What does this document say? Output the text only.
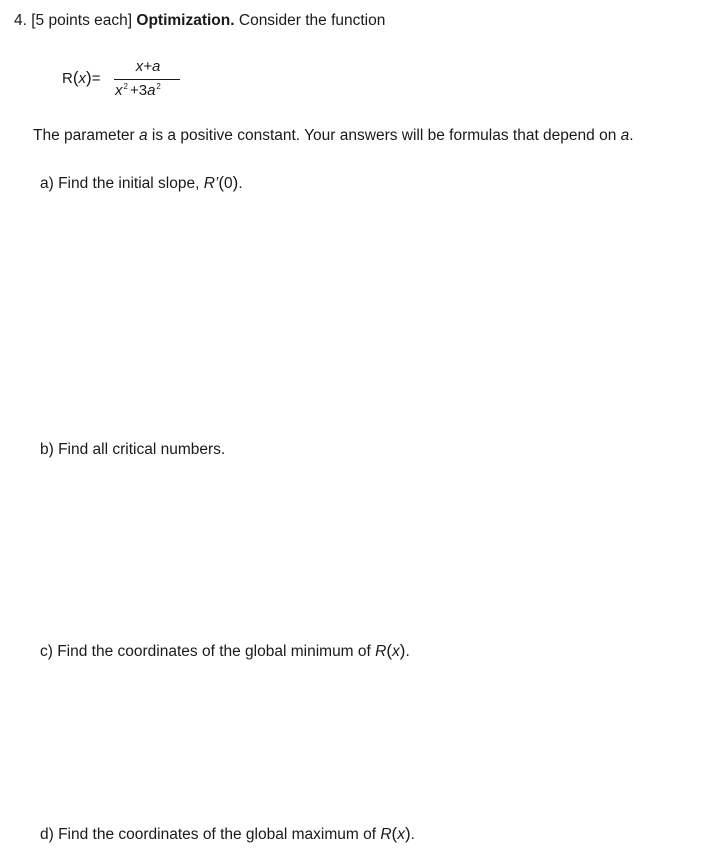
4. [5 points each] Optimization. Consider the function
R(x)=
x+a
$x^2 +3a^2$
The parameter a is a positive constant. Your answers will be formulas that depend on a.
a) Find the initial slope, R’(0).
b) Find all critical numbers.
c) Find the coordinates of the global minimum of R(x).
d) Find the coordinates of the global maximum of R(x).
